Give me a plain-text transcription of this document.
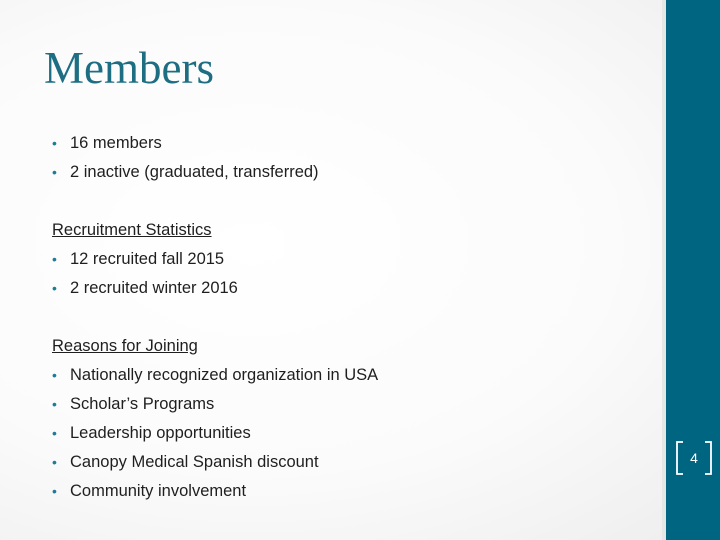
Members
• 16 members
• 2 inactive (graduated, transferred)
Recruitment Statistics
• 12 recruited fall 2015
• 2 recruited winter 2016
Reasons for Joining
• Nationally recognized organization in USA
• Scholar’s Programs
• Leadership opportunities
• Canopy Medical Spanish discount
• Community involvement
4
